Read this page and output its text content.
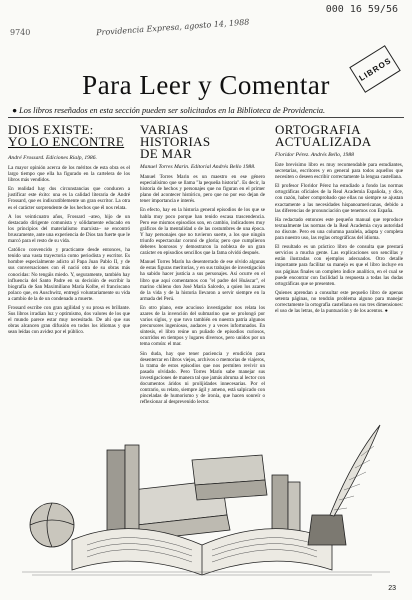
000 16 59/56
9740	Providencia Expresa, agosto 14, 1988
LIBROS
Para Leer y Comentar
● Los libros reseñados en esta sección pueden ser solicitados en la Biblioteca de Providencia.
DIOS EXISTE:
YO LO ENCONTRE
André Frossard. Ediciones Rialp, 1986.

La mayor opinión acerca de los méritos de esta obra es el largo tiempo que ella ha figurado en la cartelera de los libros más vendidos.

En realidad hay dos circunstancias que conducen a justificar este éxito: una es la calidad literaria de André Frossard, que es indiscutiblemente un gran escritor. La otra es el carácter sorprendente de los hechos que él nos relata.

A los veinticuatro años, Frossard –ateo, hijo de un destacado dirigente comunista y sólidamente educado en los principios del materialismo marxista– se encontró bruscamente, ante una experiencia de Dios tan fuerte que le marcó para el resto de su vida.

Católico convencido y practicante desde entonces, ha tenido una vasta trayectoria como periodista y escritor. Es hombre especialmente adicto al Papa Juan Pablo II, y de sus conversaciones con él nació otra de su obras más conocidas: No tengáis miedo. Y, seguramente, también hay influencia del Santo Padre en su decisión de escribir la biografía de San Maximiliano María Kolbe, el franciscano polaco que, en Auschwitz, entregó voluntariamente su vida a cambio de la de un condenado a muerte.

Frossard escribe con gran agilidad y su prosa es brillante. Sus libros irradian luz y optimismo, dos valores de los que el mundo parece estar muy necesitado. De ahí que sus obras alcancen gran difusión en todos los idiomas y que sean leídas con avidez por el público.

VARIAS
HISTORIAS
DE MAR
Manuel Torres Marin. Editorial Andrés Bello 1988.

Manuel Torres Marin es un maestro en ese género especialísimo que se llama "la pequeña historia". Es decir, la historia de hechos y personajes que no figuran en el primer plano del acontecer histórico, pero que no por eso dejan de tener importancia e interés.

En efecto, hay en la historia general episodios de los que se habla muy poco porque han tenido escasa trascendencia. Pero ese mismos episodios son, en cambio, indicadores muy gráficos de la mentalidad o de las costumbres de una época. Y hay personajes que no tuvieron suerte, a los que ningún triunfo espectacular coronó de gloria; pero que cumplieron deberes honrosos y demostraron la nobleza de un gran carácter en episodios sencillos que la fama olvidó después.

Manuel Torres Marín ha desenterrado de ese olvido algunas de estas figuras meritorias, y en sus trabajos de investigación ha sabido hacer justicia a sus personajes. Así ocurre en el libro que aquí comentamos con "el padre del Huáscar", el marino chileno don José María Salcedo, a quien los azares de la vida y de la historia llevaron a servir siempre en la armada del Perú.

En otro plano, este acucioso investigador nos relata los azares de la invención del submarino que se prolongó por varios siglos, y que tuvo también en nuestra patria algunos precursores ingeniosos, audaces y a veces infortunados. En síntesis, el libro reúne un puñado de episodios curiosos, ocurridos en tiempos y lugares diversos, pero unidos por un tema común: el mar.

Sin duda, hay que tener paciencia y erudición para desenterrar en libros viejos, archivos o memorias de viajeros, la trama de estos episodios que nos permiten revivir un pasado olvidado. Pero Torres Marín sabe manejar sus investigaciones de manera tal que jamás abruma al lector con documentos áridos ni prolijidades innecesarias. Por el contrario, su relato, siempre ágil y ameno, está salpicado con pinceladas de humorismo y de ironía, que hacen sonreír o reflexionar al desprevenido lector.

ORTOGRAFIA
ACTUALIZADA
Floridor Pérez. Andrés Bello, 1988

Este brevísimo libro es muy recomendable para estudiantes, secretarias, escritores y en general para todos aquellos que necesiten o deseen escribir correctamente la lengua castellana.

El profesor Floridor Pérez ha estudiado a fondo las normas ortográficas oficiales de la Real Academia Española, y dice, con razón, haber comprobado que ellas no siempre se ajustan exactamente a las necesidades hispanoamericanas, debido a las diferencias de pronunciación que tenemos con España.

Ha redactado entonces este pequeño manual que reproduce textualmente las normas de la Real Academia cuya autoridad no discute. Pero en una columna paralela, adapta y completa para nuestro uso, las reglas ortográficas del idioma.

El resultado es un práctico libro de consulta que prestará servicios a mucha gente. Las explicaciones son sencillas y están ilustradas con ejemplos adecuados. Otro detalle importante para facilitar su manejo es que el libro incluye en sus páginas finales un completo índice analítico, en el cual se puede encontrar con facilidad la respuesta a todas las dudas ortográficas que se presenten.

Quienes aprendan a consultar este pequeño libro de apenas setenta páginas, no tendrán problema alguno para manejar correctamente la ortografía castellana en sus tres dimensiones: el uso de las letras, de la puntuación y de los acentos. ●

23
